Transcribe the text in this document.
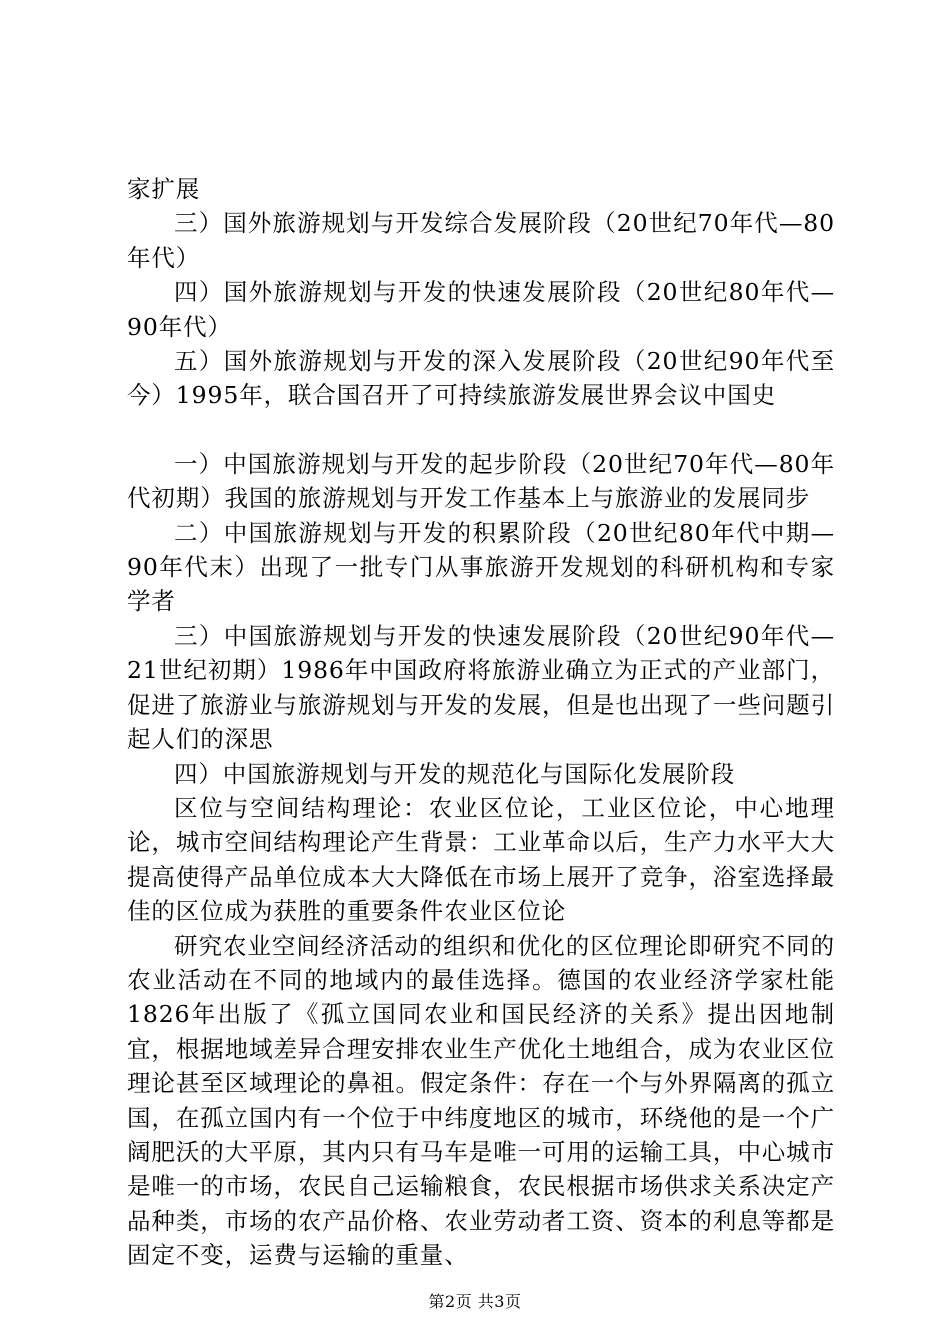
家扩展

三）国外旅游规划与开发综合发展阶段（20世纪70年代—80年代）

四）国外旅游规划与开发的快速发展阶段（20世纪80年代—90年代）

五）国外旅游规划与开发的深入发展阶段（20世纪90年代至今）1995年，联合国召开了可持续旅游发展世界会议中国史

一）中国旅游规划与开发的起步阶段（20世纪70年代—80年代初期）我国的旅游规划与开发工作基本上与旅游业的发展同步

二）中国旅游规划与开发的积累阶段（20世纪80年代中期—90年代末）出现了一批专门从事旅游开发规划的科研机构和专家学者

三）中国旅游规划与开发的快速发展阶段（20世纪90年代—21世纪初期）1986年中国政府将旅游业确立为正式的产业部门，促进了旅游业与旅游规划与开发的发展，但是也出现了一些问题引起人们的深思

四）中国旅游规划与开发的规范化与国际化发展阶段

区位与空间结构理论：农业区位论，工业区位论，中心地理论，城市空间结构理论产生背景：工业革命以后，生产力水平大大提高使得产品单位成本大大降低在市场上展开了竞争，浴室选择最佳的区位成为获胜的重要条件农业区位论

研究农业空间经济活动的组织和优化的区位理论即研究不同的农业活动在不同的地域内的最佳选择。德国的农业经济学家杜能1826年出版了《孤立国同农业和国民经济的关系》提出因地制宜，根据地域差异合理安排农业生产优化土地组合，成为农业区位理论甚至区域理论的鼻祖。假定条件：存在一个与外界隔离的孤立国，在孤立国内有一个位于中纬度地区的城市，环绕他的是一个广阔肥沃的大平原，其内只有马车是唯一可用的运输工具，中心城市是唯一的市场，农民自己运输粮食，农民根据市场供求关系决定产品种类，市场的农产品价格、农业劳动者工资、资本的利息等都是固定不变，运费与运输的重量、

第2页 共3页
